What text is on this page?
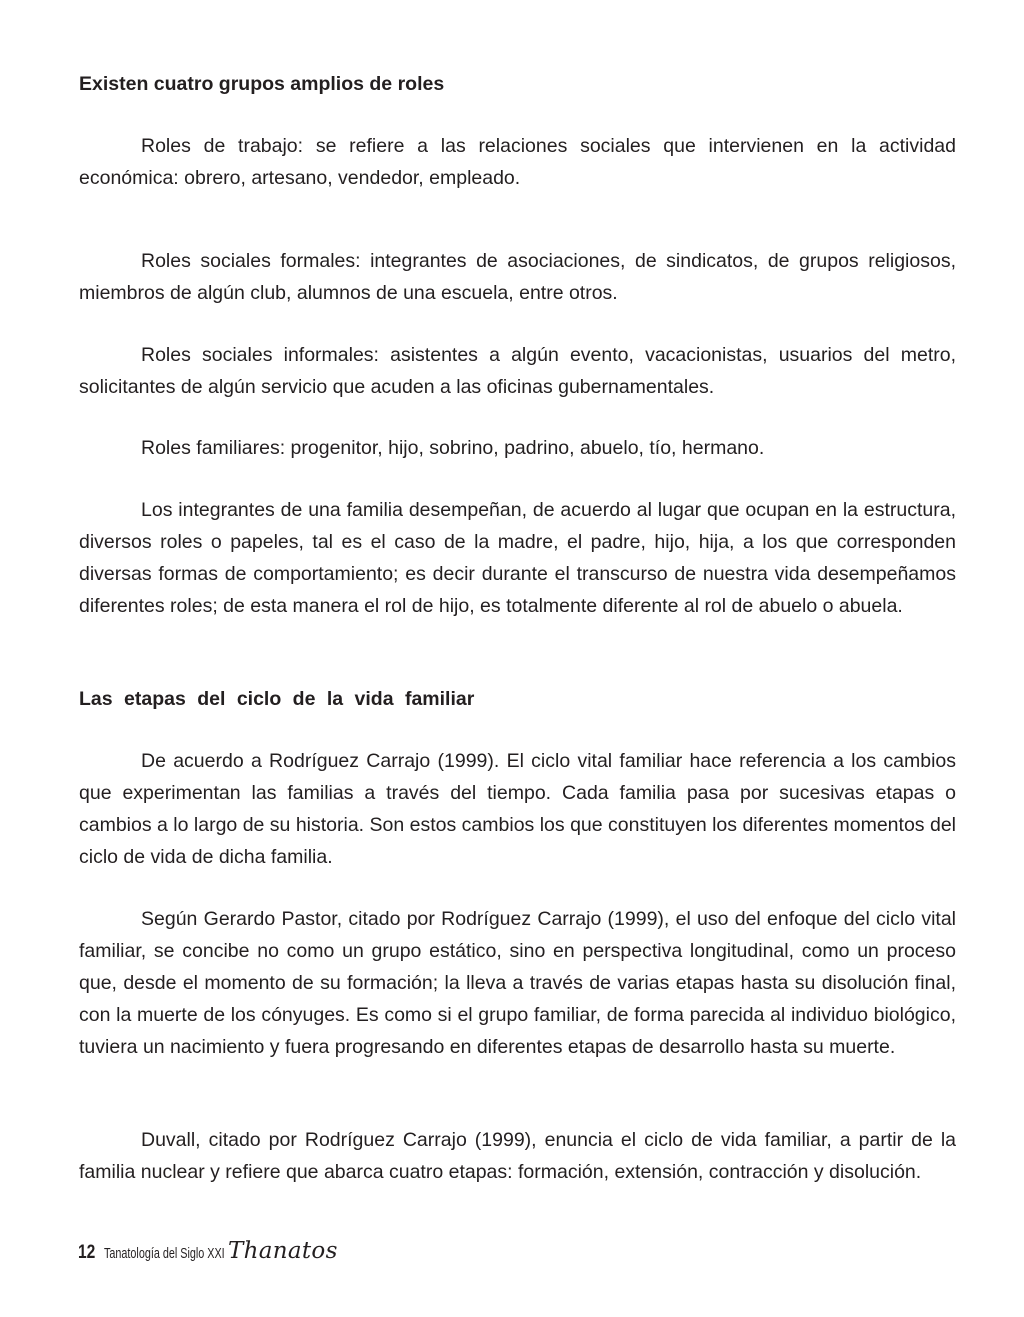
Existen cuatro grupos amplios de roles

Roles de trabajo: se refiere a las relaciones sociales que intervienen en la actividad económica: obrero, artesano, vendedor, empleado.

Roles sociales formales: integrantes de asociaciones, de sindicatos, de grupos religiosos, miembros de algún club, alumnos de una escuela, entre otros.

Roles sociales informales: asistentes a algún evento, vacacionistas, usuarios del metro, solicitantes de algún servicio que acuden a las oficinas gubernamentales.

Roles familiares: progenitor, hijo, sobrino, padrino, abuelo, tío, hermano.

Los integrantes de una familia desempeñan, de acuerdo al lugar que ocupan en la estructura, diversos roles o papeles, tal es el caso de la madre, el padre, hijo, hija, a los que corresponden diversas formas de comportamiento; es decir durante el transcurso de nuestra vida desempeñamos diferentes roles; de esta manera el rol de hijo, es totalmente diferente al rol de abuelo o abuela.

Las etapas del ciclo de la vida familiar

De acuerdo a Rodríguez Carrajo (1999). El ciclo vital familiar hace referencia a los cambios que experimentan las familias a través del tiempo. Cada familia pasa por sucesivas etapas o cambios a lo largo de su historia. Son estos cambios los que constituyen los diferentes momentos del ciclo de vida de dicha familia.

Según Gerardo Pastor, citado por Rodríguez Carrajo (1999), el uso del enfoque del ciclo vital familiar, se concibe no como un grupo estático, sino en perspectiva longitudinal, como un proceso que, desde el momento de su formación; la lleva a través de varias etapas hasta su disolución final, con la muerte de los cónyuges. Es como si el grupo familiar, de forma parecida al individuo biológico, tuviera un nacimiento y fuera progresando en diferentes etapas de desarrollo hasta su muerte.

Duvall, citado por Rodríguez Carrajo (1999), enuncia el ciclo de vida familiar, a partir de la familia nuclear y refiere que abarca cuatro etapas: formación, extensión, contracción y disolución.

12 Tanatología del Siglo XXI Thanatos
